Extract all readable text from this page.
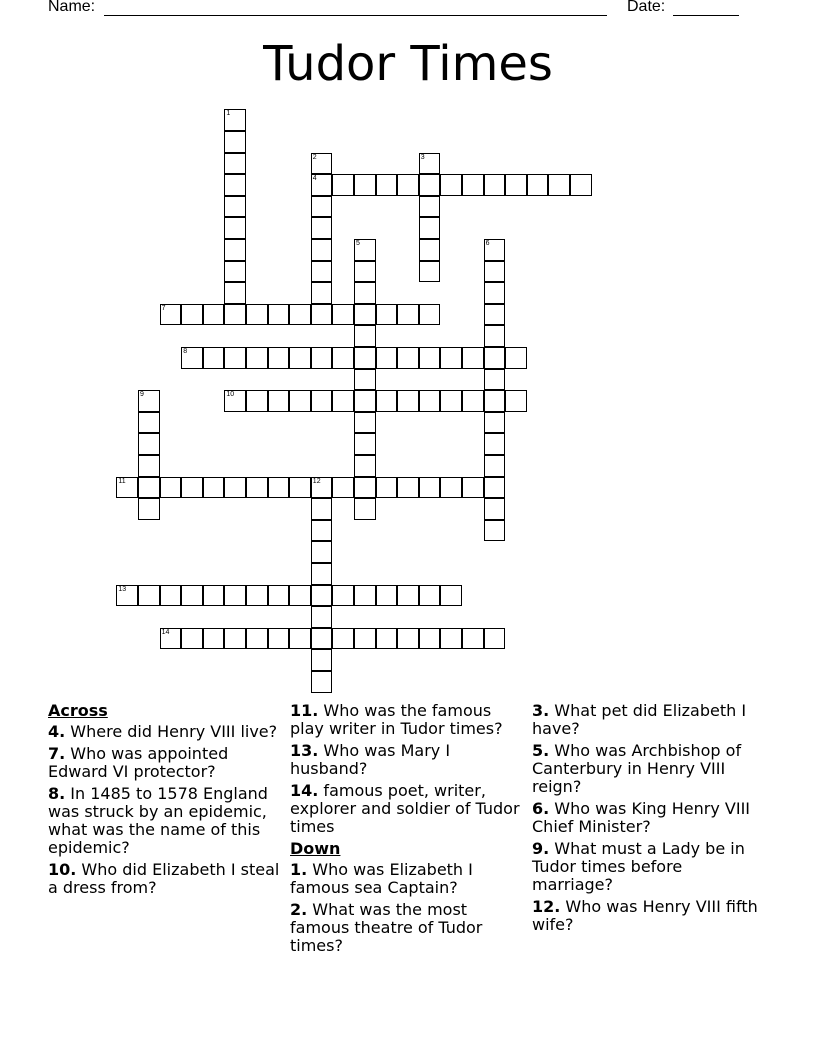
Name:	Date:
Tudor Times
1
2
4
3
5	6
7
8
9	10
11	12
13
14
Across
4. Where did Henry VIII live?
7. Who was appointed Edward VI protector?
8. In 1485 to 1578 England was struck by an epidemic, what was the name of this epidemic?
10. Who did Elizabeth I steal a dress from?
11. Who was the famous play writer in Tudor times?
13. Who was Mary I husband?
14. famous poet, writer, explorer and soldier of Tudor times
Down
1. Who was Elizabeth I famous sea Captain?
2. What was the most famous theatre of Tudor times?
3. What pet did Elizabeth I have?
5. Who was Archbishop of Canterbury in Henry VIII reign?
6. Who was King Henry VIII Chief Minister?
9. What must a Lady be in Tudor times before marriage?
12. Who was Henry VIII fifth wife?
